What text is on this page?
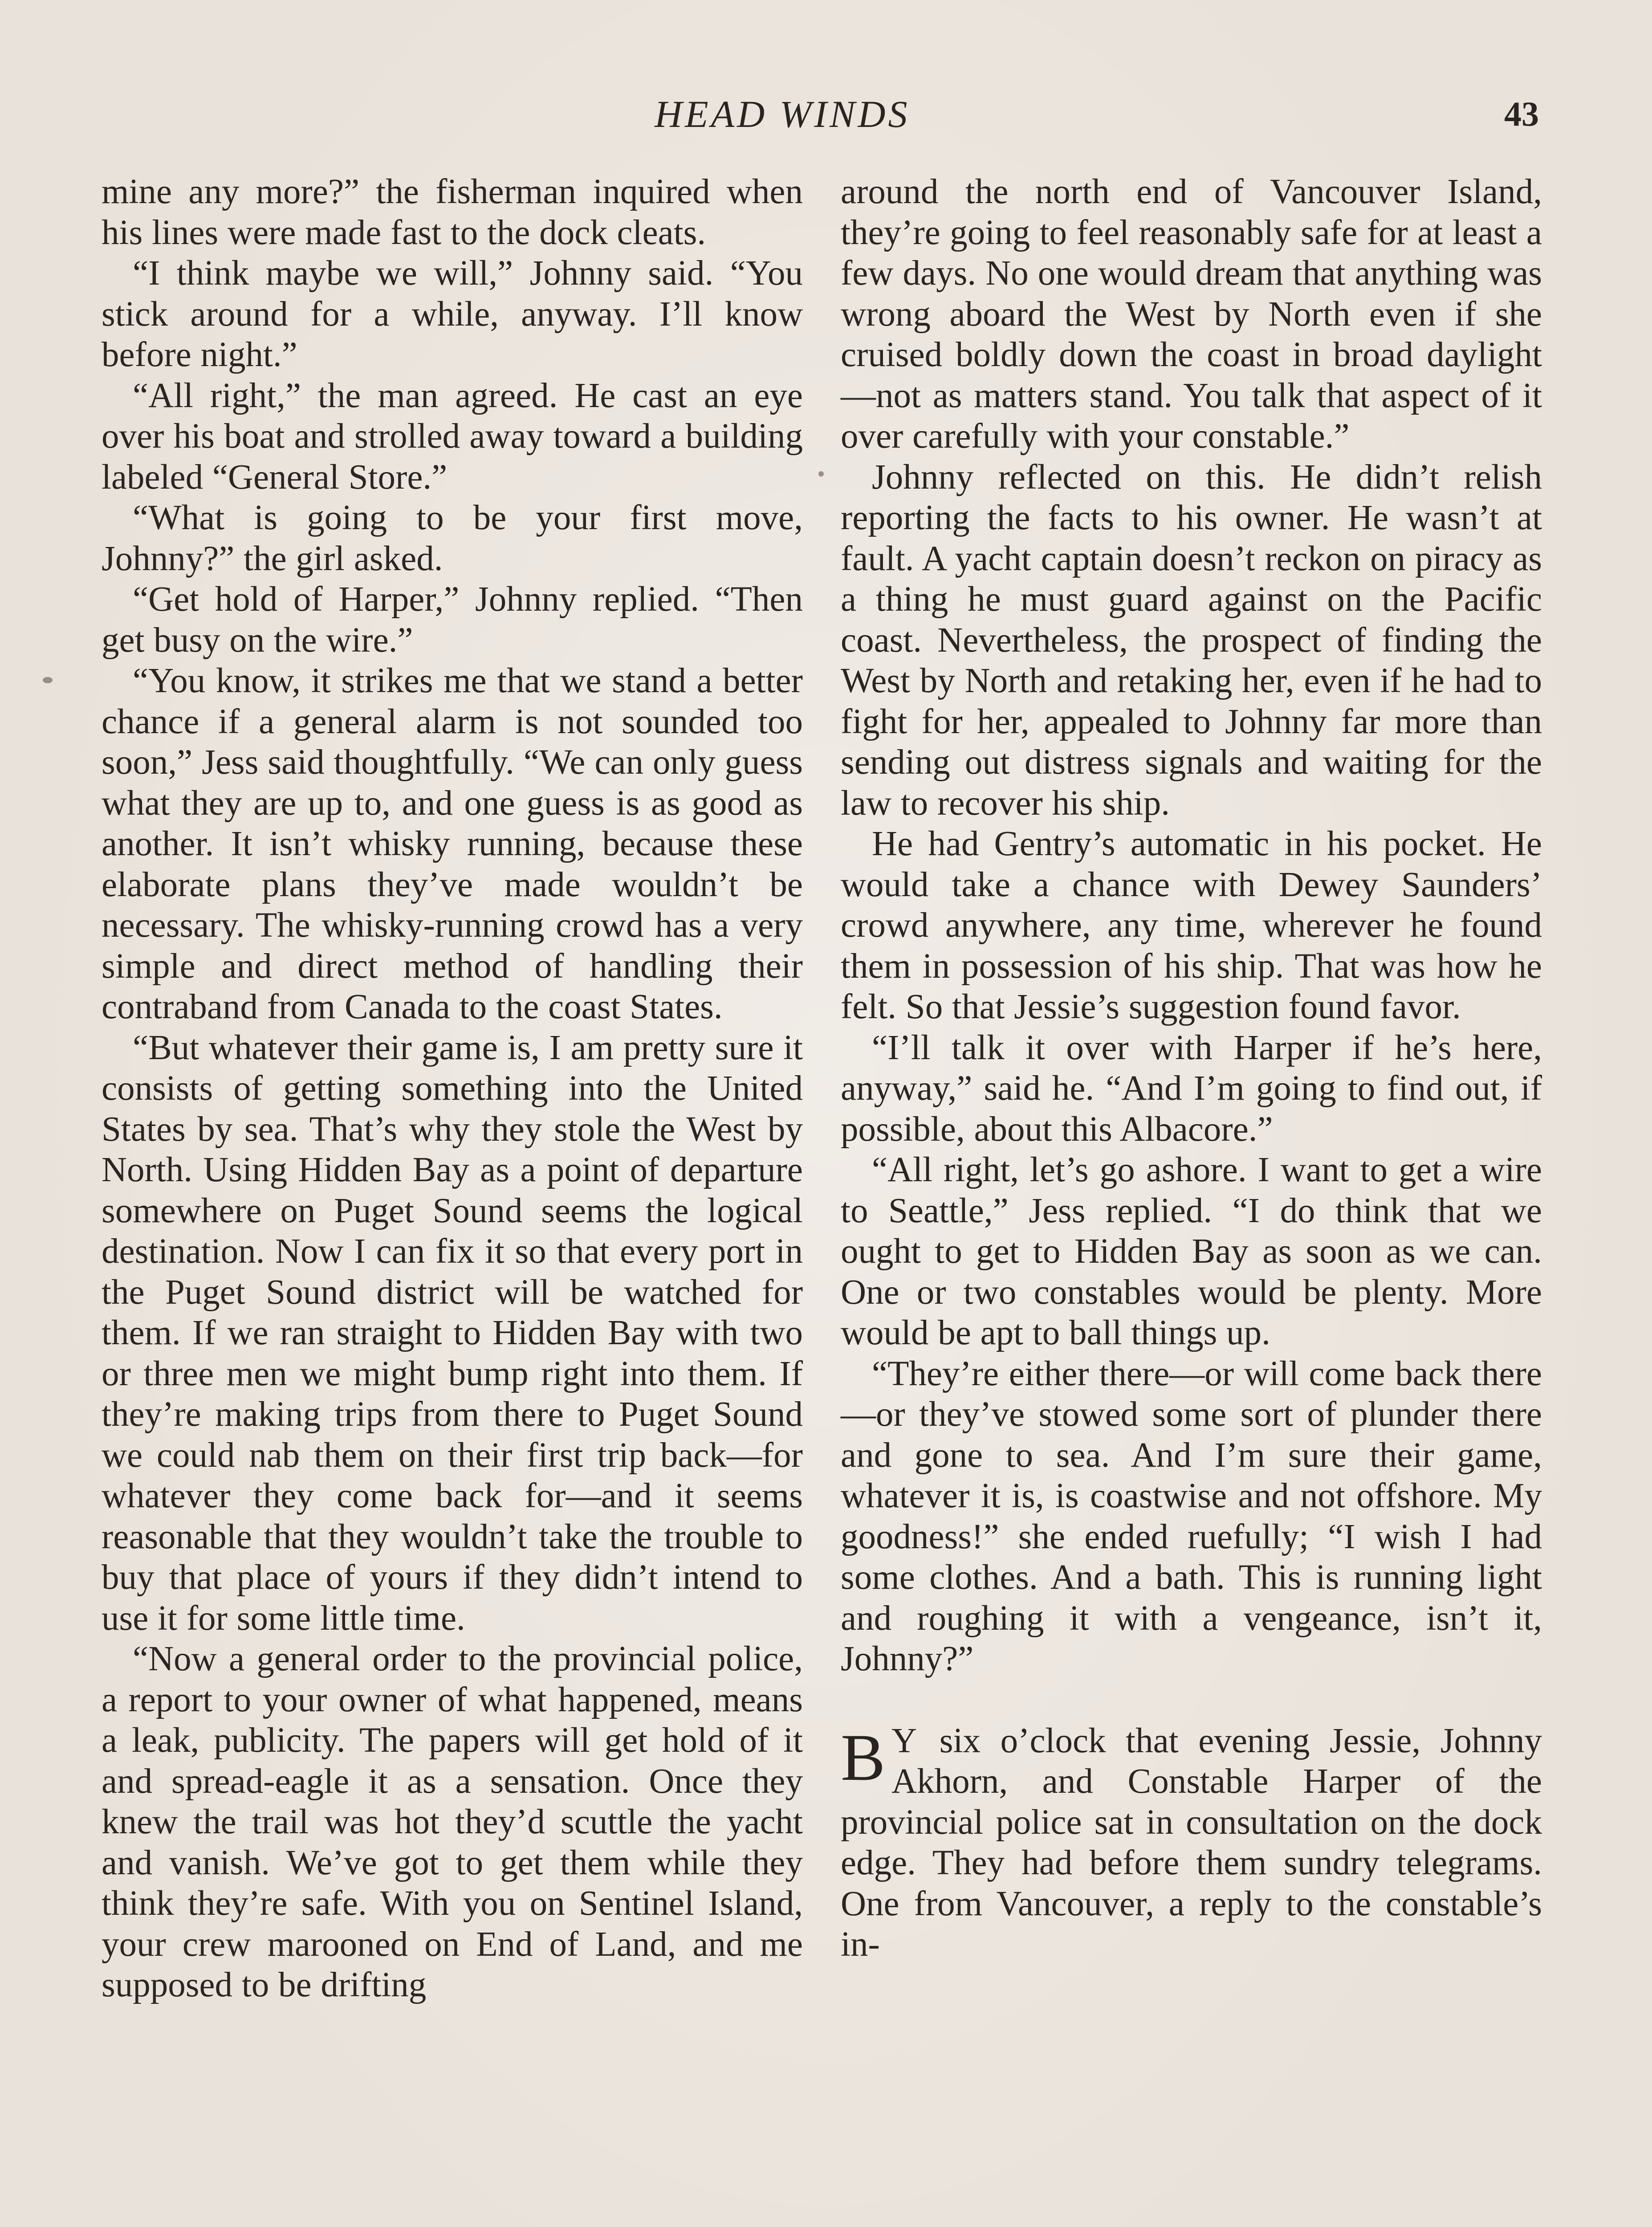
HEAD WINDS	43

mine any more?” the fisherman inquired when his lines were made fast to the dock cleats.

“I think maybe we will,” Johnny said. “You stick around for a while, anyway. I’ll know before night.”

“All right,” the man agreed. He cast an eye over his boat and strolled away toward a building labeled “General Store.”

“What is going to be your first move, Johnny?” the girl asked.

“Get hold of Harper,” Johnny replied. “Then get busy on the wire.”

“You know, it strikes me that we stand a better chance if a general alarm is not sounded too soon,” Jess said thoughtfully. “We can only guess what they are up to, and one guess is as good as another. It isn’t whisky running, because these elaborate plans they’ve made wouldn’t be necessary. The whisky-running crowd has a very simple and direct method of handling their contraband from Canada to the coast States.

“But whatever their game is, I am pretty sure it consists of getting something into the United States by sea. That’s why they stole the West by North. Using Hidden Bay as a point of departure somewhere on Puget Sound seems the logical destination. Now I can fix it so that every port in the Puget Sound district will be watched for them. If we ran straight to Hidden Bay with two or three men we might bump right into them. If they’re making trips from there to Puget Sound we could nab them on their first trip back—for whatever they come back for—and it seems reasonable that they wouldn’t take the trouble to buy that place of yours if they didn’t intend to use it for some little time.

“Now a general order to the provincial police, a report to your owner of what happened, means a leak, publicity. The papers will get hold of it and spread-eagle it as a sensation. Once they knew the trail was hot they’d scuttle the yacht and vanish. We’ve got to get them while they think they’re safe. With you on Sentinel Island, your crew marooned on End of Land, and me supposed to be drifting

around the north end of Vancouver Island, they’re going to feel reasonably safe for at least a few days. No one would dream that anything was wrong aboard the West by North even if she cruised boldly down the coast in broad daylight—not as matters stand. You talk that aspect of it over carefully with your constable.”

Johnny reflected on this. He didn’t relish reporting the facts to his owner. He wasn’t at fault. A yacht captain doesn’t reckon on piracy as a thing he must guard against on the Pacific coast. Nevertheless, the prospect of finding the West by North and retaking her, even if he had to fight for her, appealed to Johnny far more than sending out distress signals and waiting for the law to recover his ship.

He had Gentry’s automatic in his pocket. He would take a chance with Dewey Saunders’ crowd anywhere, any time, wherever he found them in possession of his ship. That was how he felt. So that Jessie’s suggestion found favor.

“I’ll talk it over with Harper if he’s here, anyway,” said he. “And I’m going to find out, if possible, about this Albacore.”

“All right, let’s go ashore. I want to get a wire to Seattle,” Jess replied. “I do think that we ought to get to Hidden Bay as soon as we can. One or two constables would be plenty. More would be apt to ball things up.

“They’re either there—or will come back there—or they’ve stowed some sort of plunder there and gone to sea. And I’m sure their game, whatever it is, is coastwise and not offshore. My goodness!” she ended ruefully; “I wish I had some clothes. And a bath. This is running light and roughing it with a vengeance, isn’t it, Johnny?”

B Y six o’clock that evening Jessie, Johnny Akhorn, and Constable Harper of the provincial police sat in consultation on the dock edge. They had before them sundry telegrams. One from Vancouver, a reply to the constable’s in-
